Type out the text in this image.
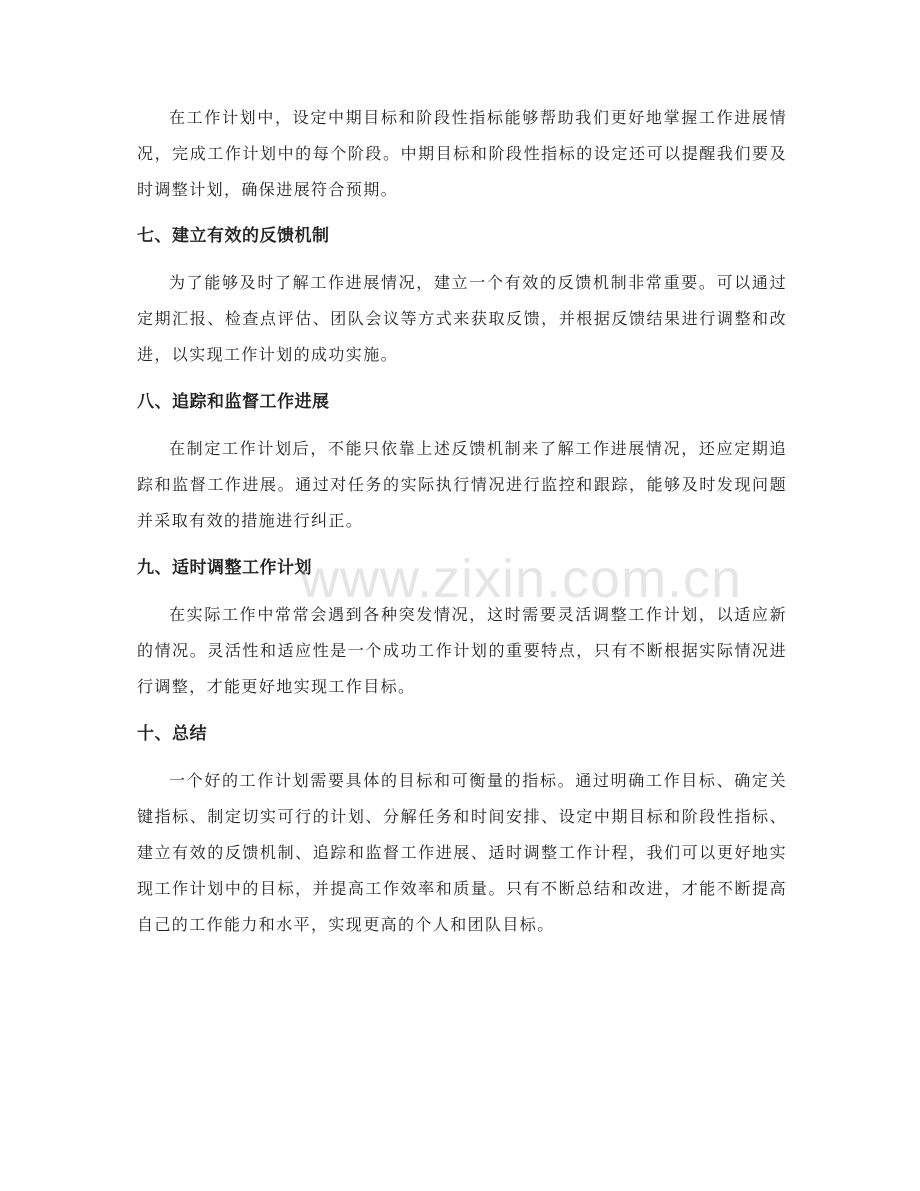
在工作计划中，设定中期目标和阶段性指标能够帮助我们更好地掌握工作进展情况，完成工作计划中的每个阶段。中期目标和阶段性指标的设定还可以提醒我们要及时调整计划，确保进展符合预期。

七、建立有效的反馈机制

为了能够及时了解工作进展情况，建立一个有效的反馈机制非常重要。可以通过定期汇报、检查点评估、团队会议等方式来获取反馈，并根据反馈结果进行调整和改进，以实现工作计划的成功实施。

八、追踪和监督工作进展

在制定工作计划后，不能只依靠上述反馈机制来了解工作进展情况，还应定期追踪和监督工作进展。通过对任务的实际执行情况进行监控和跟踪，能够及时发现问题并采取有效的措施进行纠正。

九、适时调整工作计划

在实际工作中常常会遇到各种突发情况，这时需要灵活调整工作计划，以适应新的情况。灵活性和适应性是一个成功工作计划的重要特点，只有不断根据实际情况进行调整，才能更好地实现工作目标。

十、总结

一个好的工作计划需要具体的目标和可衡量的指标。通过明确工作目标、确定关键指标、制定切实可行的计划、分解任务和时间安排、设定中期目标和阶段性指标、建立有效的反馈机制、追踪和监督工作进展、适时调整工作计程，我们可以更好地实现工作计划中的目标，并提高工作效率和质量。只有不断总结和改进，才能不断提高自己的工作能力和水平，实现更高的个人和团队目标。

www.zixin.com.cn
